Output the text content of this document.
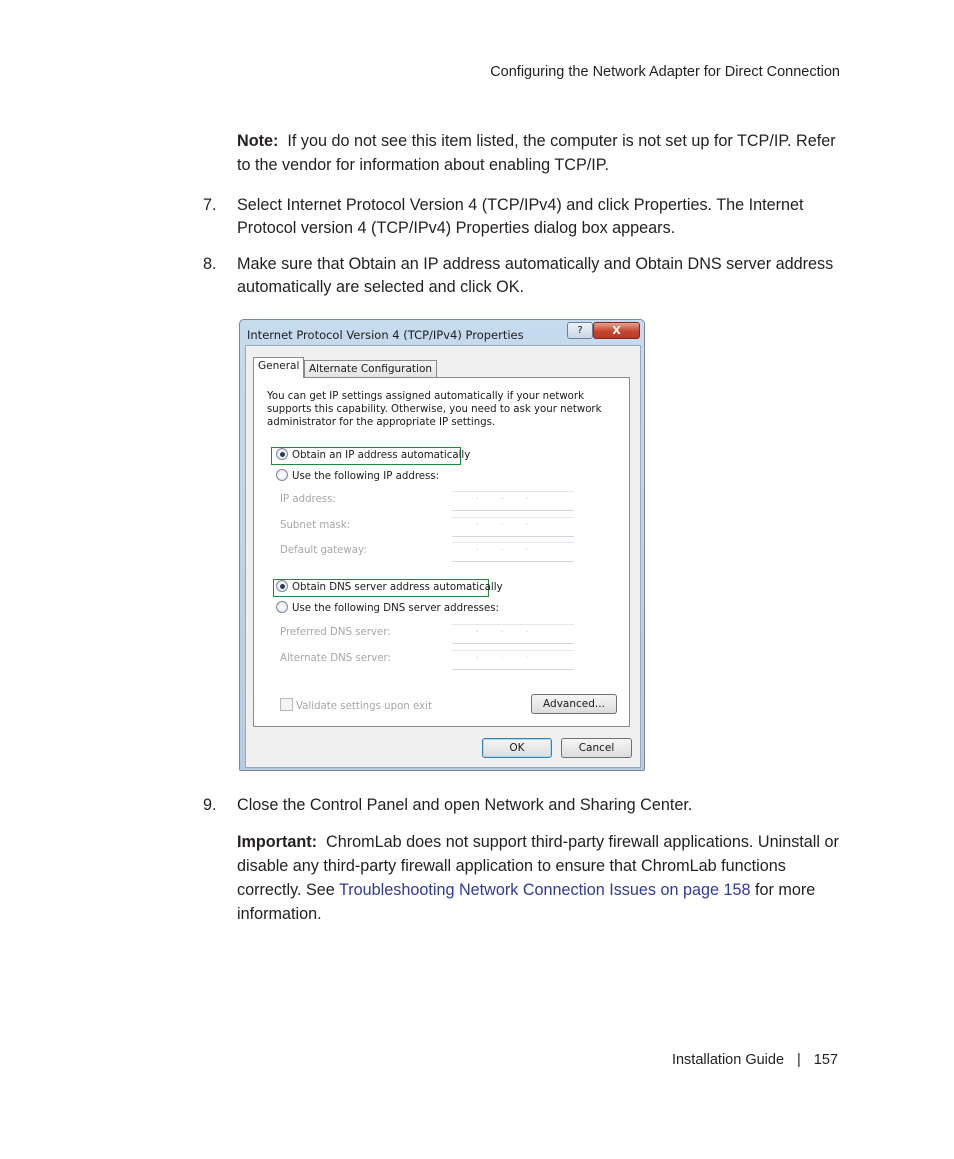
Configuring the Network Adapter for Direct Connection
Note: If you do not see this item listed, the computer is not set up for TCP/IP. Refer to the vendor for information about enabling TCP/IP.
7. Select Internet Protocol Version 4 (TCP/IPv4) and click Properties. The Internet Protocol version 4 (TCP/IPv4) Properties dialog box appears.
8. Make sure that Obtain an IP address automatically and Obtain DNS server address automatically are selected and click OK.
Internet Protocol Version 4 (TCP/IPv4) Properties	?	X
General Alternate Configuration
You can get IP settings assigned automatically if your network supports this capability. Otherwise, you need to ask your network administrator for the appropriate IP settings.
Obtain an IP address automatically
Use the following IP address:
IP address:	...
Subnet mask:	...
Default gateway:	...
Obtain DNS server address automatically
Use the following DNS server addresses:
Preferred DNS server:	...
Alternate DNS server:	...
Validate settings upon exit	Advanced...
OK	Cancel
9. Close the Control Panel and open Network and Sharing Center.
Important: ChromLab does not support third-party firewall applications. Uninstall or disable any third-party firewall application to ensure that ChromLab functions correctly. See Troubleshooting Network Connection Issues on page 158 for more information.
Installation Guide | 157
